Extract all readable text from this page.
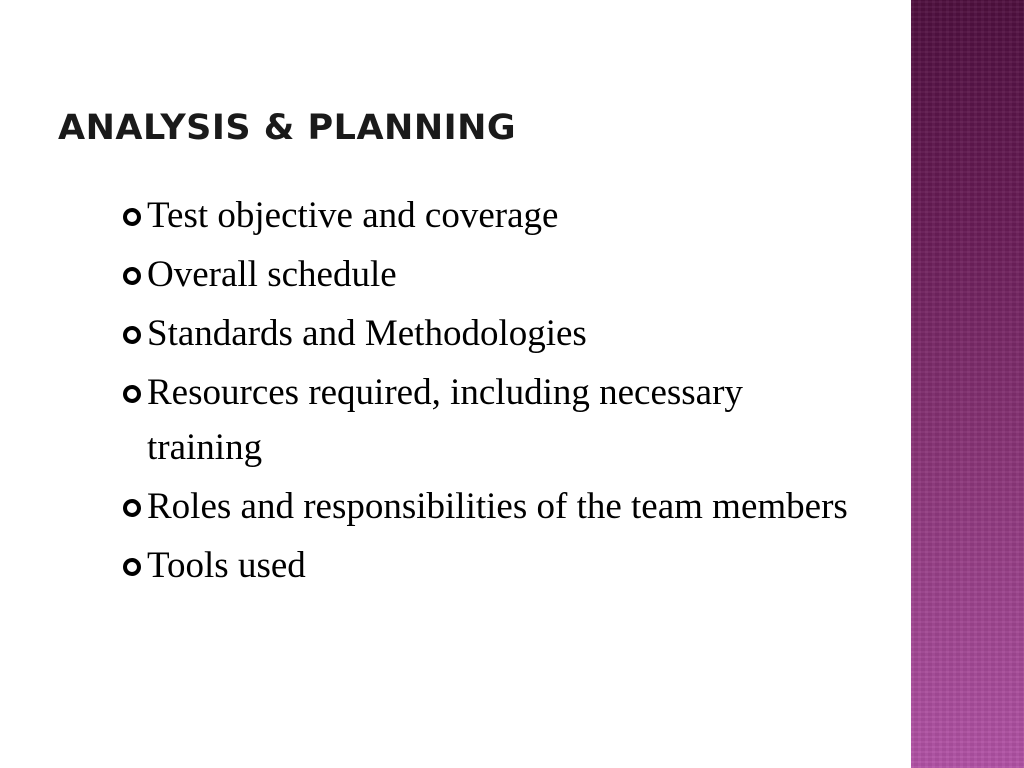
ANALYSIS & PLANNING
Test objective and coverage
Overall schedule
Standards and Methodologies
Resources required, including necessary training
Roles and responsibilities of the team members
Tools used
